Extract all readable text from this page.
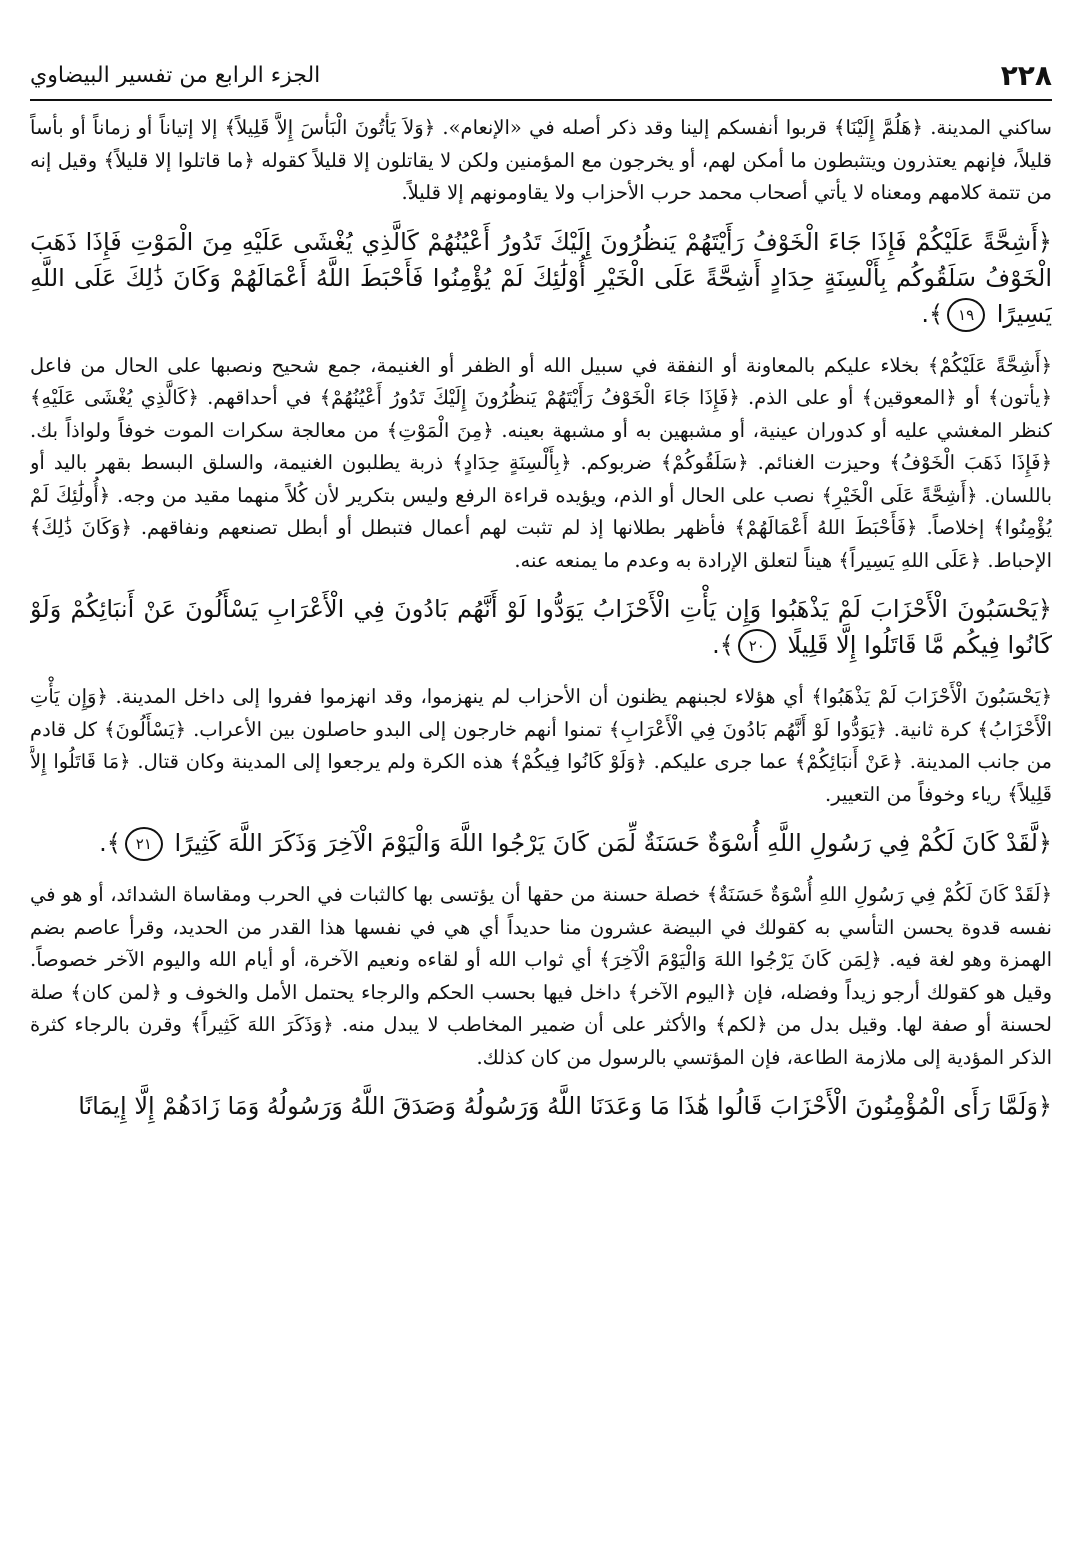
الجزء الرابع من تفسير البيضاوي	٢٢٨

ساكني المدينة. ﴿هَلُمَّ إِلَيْنَا﴾ قربوا أنفسكم إلينا وقد ذكر أصله في «الإنعام». ﴿وَلاَ يَأْتُونَ الْبَأْسَ إِلاَّ قَلِيلاً﴾ إلا إتياناً أو زماناً أو بأساً قليلاً، فإنهم يعتذرون ويتثبطون ما أمكن لهم، أو يخرجون مع المؤمنين ولكن لا يقاتلون إلا قليلاً كقوله ﴿ما قاتلوا إلا قليلاً﴾ وقيل إنه من تتمة كلامهم ومعناه لا يأتي أصحاب محمد حرب الأحزاب ولا يقاومونهم إلا قليلاً.

﴿أَشِحَّةً عَلَيْكُمْ فَإِذَا جَاءَ الْخَوْفُ رَأَيْتَهُمْ يَنظُرُونَ إِلَيْكَ تَدُورُ أَعْيُنُهُمْ كَالَّذِي يُغْشَى عَلَيْهِ مِنَ الْمَوْتِ فَإِذَا ذَهَبَ الْخَوْفُ سَلَقُوكُم بِأَلْسِنَةٍ حِدَادٍ أَشِحَّةً عَلَى الْخَيْرِ أُوْلَٰئِكَ لَمْ يُؤْمِنُوا فَأَحْبَطَ اللَّهُ أَعْمَالَهُمْ وَكَانَ ذَٰلِكَ عَلَى اللَّهِ يَسِيرًا ١٩﴾.

﴿أَشِحَّةً عَلَيْكُمْ﴾ بخلاء عليكم بالمعاونة أو النفقة في سبيل الله أو الظفر أو الغنيمة، جمع شحيح ونصبها على الحال من فاعل ﴿يأتون﴾ أو ﴿المعوقين﴾ أو على الذم. ﴿فَإِذَا جَاءَ الْخَوْفُ رَأَيْتَهُمْ يَنظُرُونَ إِلَيْكَ تَدُورُ أَعْيُنُهُمْ﴾ في أحداقهم. ﴿كَالَّذِي يُغْشَى عَلَيْهِ﴾ كنظر المغشي عليه أو كدوران عينية، أو مشبهين به أو مشبهة بعينه. ﴿مِنَ الْمَوْتِ﴾ من معالجة سكرات الموت خوفاً ولواذاً بك. ﴿فَإِذَا ذَهَبَ الْخَوْفُ﴾ وحيزت الغنائم. ﴿سَلَقُوكُمْ﴾ ضربوكم. ﴿بِأَلْسِنَةٍ حِدَادٍ﴾ ذربة يطلبون الغنيمة، والسلق البسط بقهر باليد أو باللسان. ﴿أَشِحَّةً عَلَى الْخَيْرِ﴾ نصب على الحال أو الذم، ويؤيده قراءة الرفع وليس بتكرير لأن كُلاً منهما مقيد من وجه. ﴿أُولَٰئِكَ لَمْ يُؤْمِنُوا﴾ إخلاصاً. ﴿فَأَحْبَطَ اللهُ أَعْمَالَهُمْ﴾ فأظهر بطلانها إذ لم تثبت لهم أعمال فتبطل أو أبطل تصنعهم ونفاقهم. ﴿وَكَانَ ذَٰلِكَ﴾ الإحباط. ﴿عَلَى اللهِ يَسِيراً﴾ هيناً لتعلق الإرادة به وعدم ما يمنعه عنه.

﴿يَحْسَبُونَ الْأَحْزَابَ لَمْ يَذْهَبُوا وَإِن يَأْتِ الْأَحْزَابُ يَوَدُّوا لَوْ أَنَّهُم بَادُونَ فِي الْأَعْرَابِ يَسْأَلُونَ عَنْ أَنبَائِكُمْ وَلَوْ كَانُوا فِيكُم مَّا قَاتَلُوا إِلَّا قَلِيلًا ٢٠﴾.

﴿يَحْسَبُونَ الْأَحْزَابَ لَمْ يَذْهَبُوا﴾ أي هؤلاء لجبنهم يظنون أن الأحزاب لم ينهزموا، وقد انهزموا ففروا إلى داخل المدينة. ﴿وَإِن يَأْتِ الْأَحْزَابُ﴾ كرة ثانية. ﴿يَوَدُّوا لَوْ أَنَّهُم بَادُونَ فِي الْأَعْرَابِ﴾ تمنوا أنهم خارجون إلى البدو حاصلون بين الأعراب. ﴿يَسْأَلُونَ﴾ كل قادم من جانب المدينة. ﴿عَنْ أَنبَائِكُمْ﴾ عما جرى عليكم. ﴿وَلَوْ كَانُوا فِيكُمْ﴾ هذه الكرة ولم يرجعوا إلى المدينة وكان قتال. ﴿مَا قَاتَلُوا إِلاَّ قَلِيلاً﴾ رياء وخوفاً من التعيير.

﴿لَّقَدْ كَانَ لَكُمْ فِي رَسُولِ اللَّهِ أُسْوَةٌ حَسَنَةٌ لِّمَن كَانَ يَرْجُوا اللَّهَ وَالْيَوْمَ الْآخِرَ وَذَكَرَ اللَّهَ كَثِيرًا ٢١﴾.

﴿لَقَدْ كَانَ لَكُمْ فِي رَسُولِ اللهِ أُسْوَةٌ حَسَنَةٌ﴾ خصلة حسنة من حقها أن يؤتسى بها كالثبات في الحرب ومقاساة الشدائد، أو هو في نفسه قدوة يحسن التأسي به كقولك في البيضة عشرون منا حديداً أي هي في نفسها هذا القدر من الحديد، وقرأ عاصم بضم الهمزة وهو لغة فيه. ﴿لِمَن كَانَ يَرْجُوا اللهَ وَالْيَوْمَ الْآخِرَ﴾ أي ثواب الله أو لقاءه ونعيم الآخرة، أو أيام الله واليوم الآخر خصوصاً. وقيل هو كقولك أرجو زيداً وفضله، فإن ﴿اليوم الآخر﴾ داخل فيها بحسب الحكم والرجاء يحتمل الأمل والخوف و ﴿لمن كان﴾ صلة لحسنة أو صفة لها. وقيل بدل من ﴿لكم﴾ والأكثر على أن ضمير المخاطب لا يبدل منه. ﴿وَذَكَرَ اللهَ كَثِيراً﴾ وقرن بالرجاء كثرة الذكر المؤدية إلى ملازمة الطاعة، فإن المؤتسي بالرسول من كان كذلك.

﴿وَلَمَّا رَأَى الْمُؤْمِنُونَ الْأَحْزَابَ قَالُوا هَٰذَا مَا وَعَدَنَا اللَّهُ وَرَسُولُهُ وَصَدَقَ اللَّهُ وَرَسُولُهُ وَمَا زَادَهُمْ إِلَّا إِيمَانًا
